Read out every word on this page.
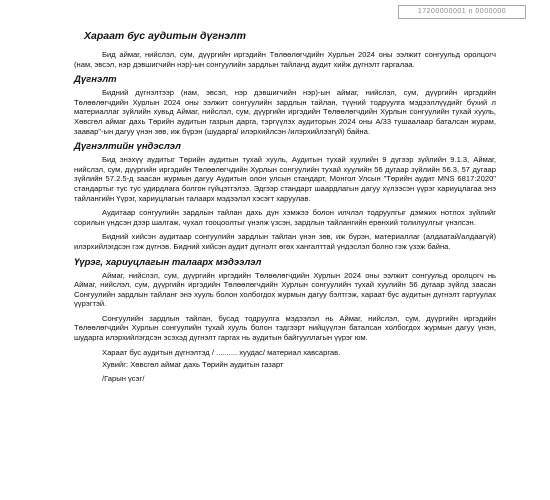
17200000001 n 0000000
Хараат бус аудитын дүгнэлт

Бид аймаг, нийслэл, сум, дүүргийн иргэдийн Төлөөлөгчдийн Хурлын 2024 оны ээлжит сонгуульд оролцогч (нам, эвсэл, нэр дэвшигчийн нэр)-ын сонгуулийн зардлын тайланд аудит хийж дүгнэлт гаргалаа.

Дүгнэлт

Бидний дүгнэлтээр (нам, эвсэл, нэр дэвшигчийн нэр)-ын аймаг, нийслэл, сум, дүүргийн иргэдийн Төлөөлөгчдийн Хурлын 2024 оны ээлжит сонгуулийн зардлын тайлан, түүний тодруулга мэдээллүүдийг бүхий л материаллаг зүйлийн хувьд Аймаг, нийслэл, сум, дүүргийн иргэдийн Төлөөлөгчдийн Хурлын сонгуулийн тухай хууль, Хөвсгөл аймаг дахь Төрийн аудитын газрын дарга, тэргүүлэх аудиторын 2024 оны А/33 тушаалаар баталсан журам, заавар"-ын дагуу үнэн зөв, иж бүрэн (шударга/ илэрхийлсэн /илэрхийлээгүй) байна.

Дүгнэлтийн үндэслэл

Бид энэхүү аудитыг Төрийн аудитын тухай хууль, Аудитын тухай хуулийн 9 дүгээр зүйлийн 9.1.3, Аймаг, нийслэл, сум, дүүргийн иргэдийн Төлөөлөгчдийн Хурлын сонгуулийн тухай хуулийн 56 дугаар зүйлийн 56.3, 57 дугаар зүйлийн 57.2.5-д заасан журмын дагуу Аудитын олон улсын стандарт, Монгол Улсын "Төрийн аудит MNS 6817:2020" стандартыг тус тус удирдлага болгон гүйцэтгэлээ. Эдгээр стандарт шаардлагын дагуу хүлээсэн үүрэг хариуцлагаа энэ тайлангийн Үүрэг, хариуцлагын талаарх мэдээлэл хэсэгт харуулав.

Аудитаар сонгуулийн зардлын тайлан дахь дүн хэмжээ болон илчлэл тодруулгыг дэмжих нотлох зүйлийг сорилын үндсэн дээр шалгаж, чухал тооцоолтыг үнэлж үзсэн, зардлын тайлангийн ерөнхий толилуулгыг үнэлсэн.

Бидний хийсэн аудитаар сонгуулийн зардлын тайлан үнэн зөв, иж бүрэн, материаллаг (алдаатай/алдаагүй) илэрхийлэгдсэн гэж дүгнэв. Бидний хийсэн аудит дүгнэлт өгөх хангалттай үндэслэл болно гэж үзэж байна.

Үүрэг, хариуцлагын талаарх мэдээлэл

Аймаг, нийслэл, сум, дүүргийн иргэдийн Төлөөлөгчдийн Хурлын 2024 оны ээлжит сонгуульд оролцогч нь Аймаг, нийслэл, сум, дүүргийн иргэдийн Төлөөлөгчдийн Хурлын сонгуулийн тухай хуулийн 56 дугаар зүйлд заасан Сонгуулийн зардлын тайланг энэ хууль болон холбогдох журмын дагуу бэлтгэж, хараат бус аудитын дүгнэлт гаргуулах үүрэгтэй.

Сонгуулийн зардлын тайлан, бусад тодруулга мэдээлэл нь Аймаг, нийслэл, сум, дүүргийн иргэдийн Төлөөлөгчдийн Хурлын сонгуулийн тухай хууль болон тэдгээрт нийцүүлэн баталсан холбогдох журмын дагуу үнэн, шударга илэрхийлэгдсэн эсэхэд дүгнэлт гаргах нь аудитын байгууллагын үүрэг юм.

Хараат бус аудитын дүгнэлтэд / .......... хуудас/ материал хавсаргав.

Хувийг: Хөвсгөл аймаг дахь Төрийн аудитын газарт

/Гарын үсэг/
